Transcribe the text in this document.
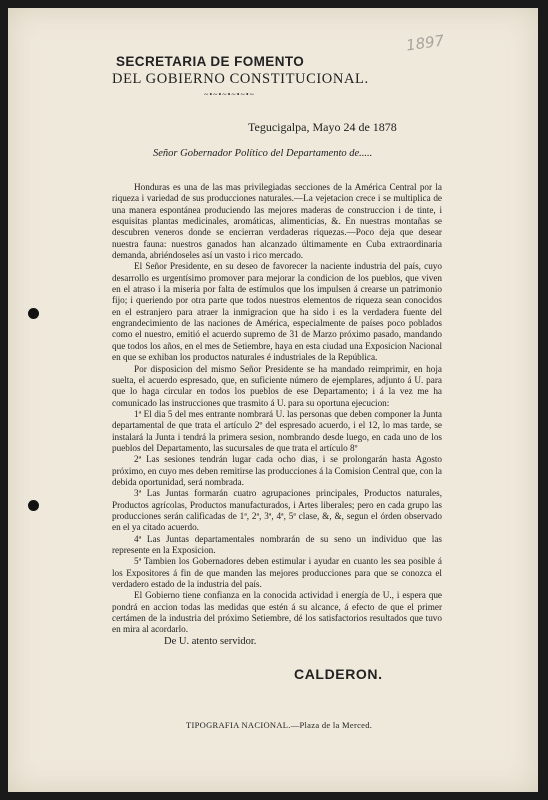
1897
SECRETARIA DE FOMENTO
DEL GOBIERNO CONSTITUCIONAL.
~•~•~•~•~•~
Tegucigalpa, Mayo 24 de 1878
Señor Gobernador Político del Departamento de.....

Honduras es una de las mas privilegiadas secciones de la América Central por la riqueza i variedad de sus producciones naturales.—La vejetacion crece i se multiplica de una manera espontánea produciendo las mejores maderas de construccion i de tinte, i esquisitas plantas medicinales, aromáticas, alimenticias, &. En nuestras montañas se descubren veneros donde se encierran verdaderas riquezas.—Poco deja que desear nuestra fauna: nuestros ganados han alcanzado últimamente en Cuba extraordinaria demanda, abriéndoseles así un vasto i rico mercado.

El Señor Presidente, en su deseo de favorecer la naciente industria del país, cuyo desarrollo es urgentísimo promover para mejorar la condicion de los pueblos, que viven en el atraso i la miseria por falta de estímulos que los impulsen á crearse un patrimonio fijo; i queriendo por otra parte que todos nuestros elementos de riqueza sean conocidos en el estranjero para atraer la inmigracion que ha sido i es la verdadera fuente del engrandecimiento de las naciones de América, especialmente de países poco poblados como el nuestro, emitió el acuerdo supremo de 31 de Marzo próximo pasado, mandando que todos los años, en el mes de Setiembre, haya en esta ciudad una Exposicion Nacional en que se exhiban los productos naturales é industriales de la República.

Por disposicion del mismo Señor Presidente se ha mandado reimprimir, en hoja suelta, el acuerdo espresado, que, en suficiente número de ejemplares, adjunto á U. para que lo haga circular en todos los pueblos de ese Departamento; i á la vez me ha comunicado las instrucciones que trasmito á U. para su oportuna ejecucion:

1ª El dia 5 del mes entrante nombrará U. las personas que deben componer la Junta departamental de que trata el artículo 2º del espresado acuerdo, i el 12, lo mas tarde, se instalará la Junta i tendrá la primera sesion, nombrando desde luego, en cada uno de los pueblos del Departamento, las sucursales de que trata el artículo 8º

2ª Las sesiones tendrán lugar cada ocho dias, i se prolongarán hasta Agosto próximo, en cuyo mes deben remitirse las producciones á la Comision Central que, con la debida oportunidad, será nombrada.

3ª Las Juntas formarán cuatro agrupaciones principales, Productos naturales, Productos agrícolas, Productos manufacturados, i Artes liberales; pero en cada grupo las producciones serán calificadas de 1ª, 2ª, 3ª, 4ª, 5ª clase, &, &, segun el órden observado en el ya citado acuerdo.

4ª Las Juntas departamentales nombrarán de su seno un individuo que las represente en la Exposicion.

5ª Tambien los Gobernadores deben estimular i ayudar en cuanto les sea posible á los Expositores á fin de que manden las mejores producciones para que se conozca el verdadero estado de la industria del país.

El Gobierno tiene confianza en la conocida actividad i energía de U., i espera que pondrá en accion todas las medidas que estén á su alcance, á efecto de que el primer certámen de la industria del próximo Setiembre, dé los satisfactorios resultados que tuvo en mira al acordarlo.

De U. atento servidor.
CALDERON.
TIPOGRAFIA NACIONAL.—Plaza de la Merced.
